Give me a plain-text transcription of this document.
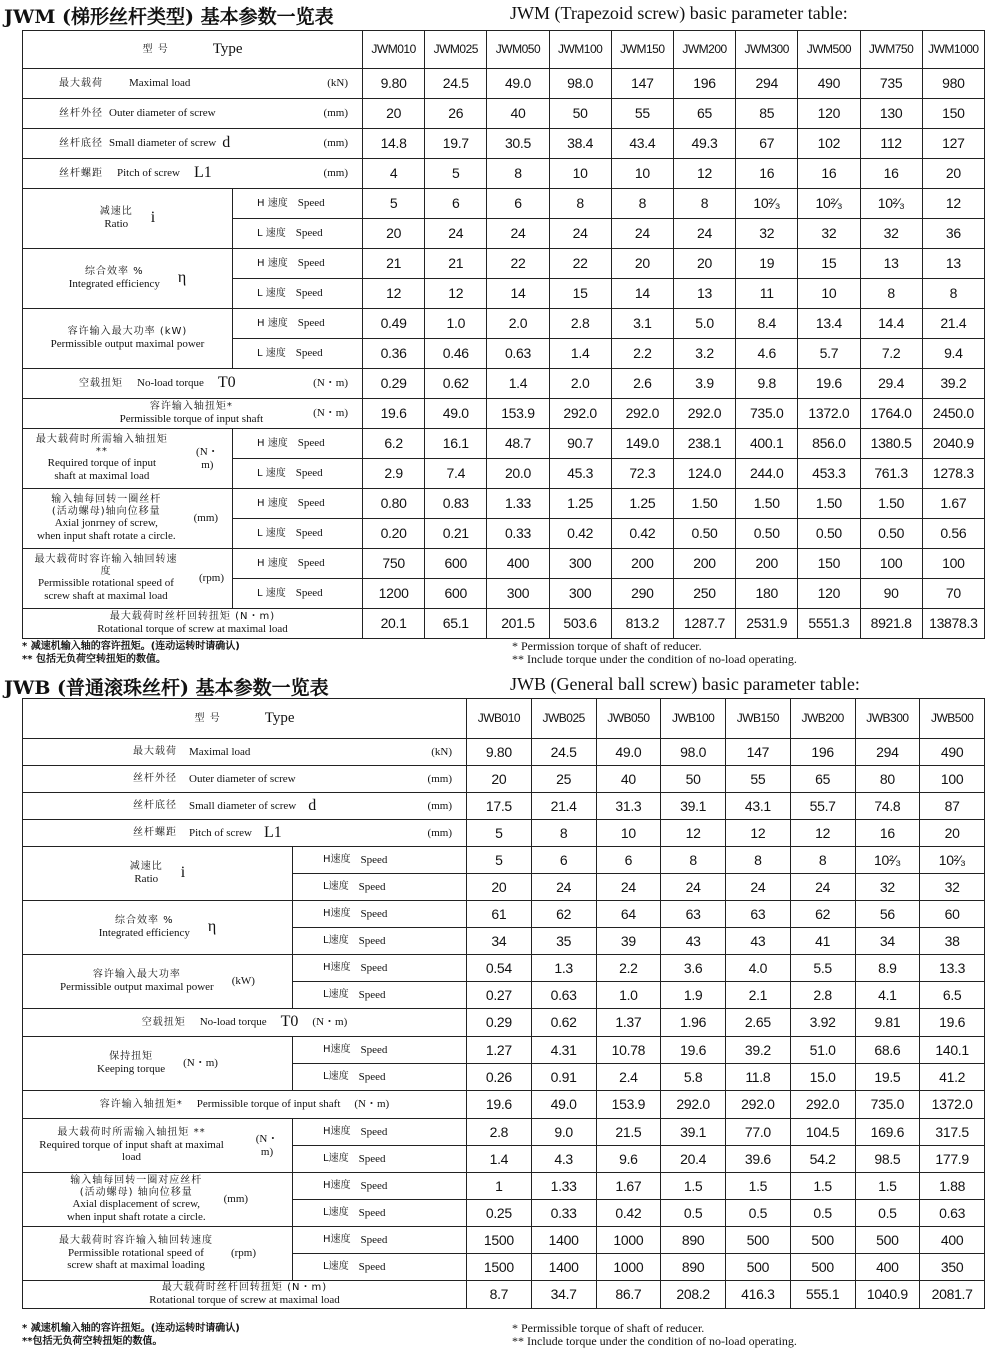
JWM (梯形丝杆类型) 基本参数一览表	JWM (Trapezoid screw) basic parameter table:
型 号 Type		JWM010	JWM025	JWM050	JWM100	JWM150	JWM200	JWM300	JWM500	JWM750	JWM1000

最大载荷 Maximal load (kN)		9.80	24.5	49.0	98.0	147	196	294	490	735	980

丝杆外径 Outer diameter of screw (mm)		20	26	40	50	55	65	85	120	130	150

丝杆底径 Small diameter of screw d (mm)		14.8	19.7	30.5	38.4	43.4	49.3	67	102	112	127

丝杆螺距 Pitch of screw L1 (mm)		4	5	8	10	10	12	16	16	16	20

减速比
Ratio i	H 速度 Speed	5	6	6	8	8	8	10²⁄₃	10²⁄₃	10²⁄₃	12

	L 速度 Speed	20	24	24	24	24	24	32	32	32	36

综合效率 %
Integrated efficiency η	H 速度 Speed	21	21	22	22	20	20	19	15	13	13

	L 速度 Speed	12	12	14	15	14	13	11	10	8	8

容许输入最大功率 (kW)
Permissible output maximal power	H 速度 Speed	0.49	1.0	2.0	2.8	3.1	5.0	8.4	13.4	14.4	21.4

	L 速度 Speed	0.36	0.46	0.63	1.4	2.2	3.2	4.6	5.7	7.2	9.4

空载扭矩 No-load torque T0 (N・m)		0.29	0.62	1.4	2.0	2.6	3.9	9.8	19.6	29.4	39.2

容许输入轴扭矩*
Permissible torque of input shaft (N・m)		19.6	49.0	153.9	292.0	292.0	292.0	735.0	1372.0	1764.0	2450.0

最大载荷时所需输入轴扭矩 **
Required torque of input
shaft at maximal load
(N・m)	H 速度 Speed	6.2	16.1	48.7	90.7	149.0	238.1	400.1	856.0	1380.5	2040.9

	L 速度 Speed	2.9	7.4	20.0	45.3	72.3	124.0	244.0	453.3	761.3	1278.3

输入轴每回转一圈丝杆
(活动螺母)轴向位移量
Axial jonrney of screw,
when input shaft rotate a circle.
(mm)	H 速度 Speed	0.80	0.83	1.33	1.25	1.25	1.50	1.50	1.50	1.50	1.67

	L 速度 Speed	0.20	0.21	0.33	0.42	0.42	0.50	0.50	0.50	0.50	0.56

最大载荷时容许输入轴回转速度
Permissible rotational speed of
screw shaft at maximal load
(rpm)	H 速度 Speed	750	600	400	300	200	200	200	150	100	100

	L 速度 Speed	1200	600	300	300	290	250	180	120	90	70

最大载荷时丝杆回转扭矩 (N・m)
Rotational torque of screw at maximal load		20.1	65.1	201.5	503.6	813.2	1287.7	2531.9	5551.3	8921.8	13878.3
* 减速机输入轴的容许扭矩。(连动运转时请确认)
** 包括无负荷空转扭矩的数值。
* Permission torque of shaft of reducer.
** Include torque under the condition of no-load operating.
JWB (普通滚珠丝杆) 基本参数一览表	JWB (General ball screw) basic parameter table:
型 号 Type		JWB010	JWB025	JWB050	JWB100	JWB150	JWB200	JWB300	JWB500

最大载荷 Maximal load (kN)		9.80	24.5	49.0	98.0	147	196	294	490

丝杆外径 Outer diameter of screw (mm)		20	25	40	50	55	65	80	100

丝杆底径 Small diameter of screw d (mm)		17.5	21.4	31.3	39.1	43.1	55.7	74.8	87

丝杆螺距 Pitch of screw L1 (mm)		5	8	10	12	12	12	16	20

减速比
Ratio i	H速度 Speed	5	6	6	8	8	8	10²⁄₃	10²⁄₃

	L速度 Speed	20	24	24	24	24	24	32	32

综合效率 %
Integrated efficiency η	H速度 Speed	61	62	64	63	63	62	56	60

	L速度 Speed	34	35	39	43	43	41	34	38

容许输入最大功率
Permissible output maximal power (kW)	H速度 Speed	0.54	1.3	2.2	3.6	4.0	5.5	8.9	13.3

	L速度 Speed	0.27	0.63	1.0	1.9	2.1	2.8	4.1	6.5

空载扭矩 No-load torque T0 (N・m)		0.29	0.62	1.37	1.96	2.65	3.92	9.81	19.6

保持扭矩
Keeping torque (N・m)	H速度 Speed	1.27	4.31	10.78	19.6	39.2	51.0	68.6	140.1

	L速度 Speed	0.26	0.91	2.4	5.8	11.8	15.0	19.5	41.2

容许输入轴扭矩* Permissible torque of input shaft (N・m)		19.6	49.0	153.9	292.0	292.0	292.0	735.0	1372.0

最大载荷时所需输入轴扭矩 **
Required torque of input shaft at maximal load
(N・m)	H速度 Speed	2.8	9.0	21.5	39.1	77.0	104.5	169.6	317.5

	L速度 Speed	1.4	4.3	9.6	20.4	39.6	54.2	98.5	177.9

输入轴每回转一圈对应丝杆
(活动螺母) 轴向位移量
Axial displacement of screw,
when input shaft rotate a circle.
(mm)	H速度 Speed	1	1.33	1.67	1.5	1.5	1.5	1.5	1.88

	L速度 Speed	0.25	0.33	0.42	0.5	0.5	0.5	0.5	0.63

最大载荷时容许输入轴回转速度
Permissible rotational speed of
screw shaft at maximal loading
(rpm)	H速度 Speed	1500	1400	1000	890	500	500	500	400

	L速度 Speed	1500	1400	1000	890	500	500	400	350

最大载荷时丝杆回转扭矩 (N・m)
Rotational torque of screw at maximal load		8.7	34.7	86.7	208.2	416.3	555.1	1040.9	2081.7
* 减速机输入轴的容许扭矩。(连动运转时请确认)
**包括无负荷空转扭矩的数值。
* Permissible torque of shaft of reducer.
** Include torque under the condition of no-load operating.
